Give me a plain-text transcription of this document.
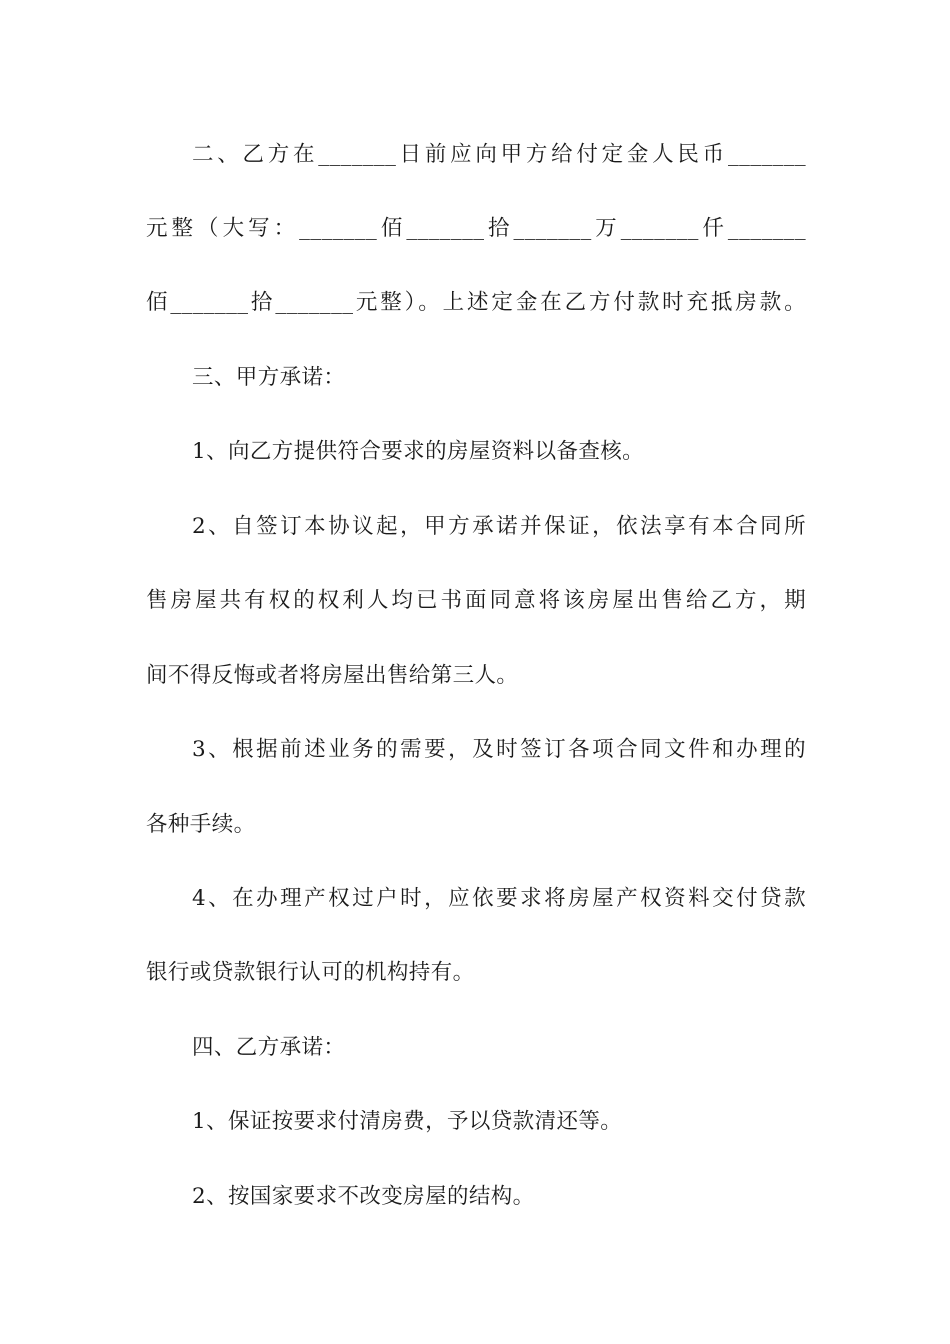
二、乙方在_______日前应向甲方给付定金人民币_______
元整（大写：_______佰_______拾_______万_______仟_______
佰_______拾_______元整）。上述定金在乙方付款时充抵房款。
三、甲方承诺：
1、向乙方提供符合要求的房屋资料以备查核。
2、自签订本协议起，甲方承诺并保证，依法享有本合同所
售房屋共有权的权利人均已书面同意将该房屋出售给乙方，期
间不得反悔或者将房屋出售给第三人。
3、根据前述业务的需要，及时签订各项合同文件和办理的
各种手续。
4、在办理产权过户时，应依要求将房屋产权资料交付贷款
银行或贷款银行认可的机构持有。
四、乙方承诺：
1、保证按要求付清房费，予以贷款清还等。
2、按国家要求不改变房屋的结构。
